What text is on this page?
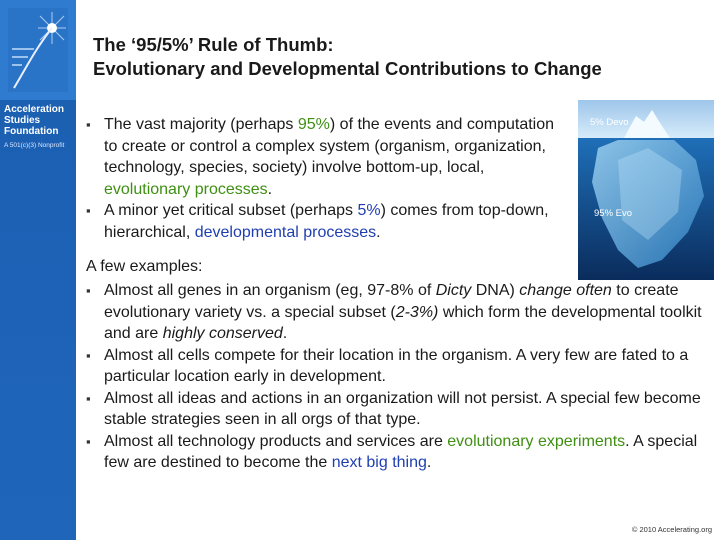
Acceleration
Studies
Foundation
A 501(c)(3) Nonprofit
The ‘95/5%’ Rule of Thumb:
Evolutionary and Developmental Contributions to Change
▪ The vast majority (perhaps 95%) of the events and computation to create or control a complex system (organism, organization, technology, species, society) involve bottom-up, local, evolutionary processes.
▪ A minor yet critical subset (perhaps 5%) comes from top-down, hierarchical, developmental processes.
5% Devo
95% Evo
A few examples:
▪ Almost all genes in an organism (eg, 97-8% of Dicty DNA) change often to create evolutionary variety vs. a special subset (2-3%) which form the developmental toolkit and are highly conserved.
▪ Almost all cells compete for their location in the organism. A very few are fated to a particular location early in development.
▪ Almost all ideas and actions in an organization will not persist. A special few become stable strategies seen in all orgs of that type.
▪ Almost all technology products and services are evolutionary experiments. A special few are destined to become the next big thing.
© 2010 Accelerating.org
